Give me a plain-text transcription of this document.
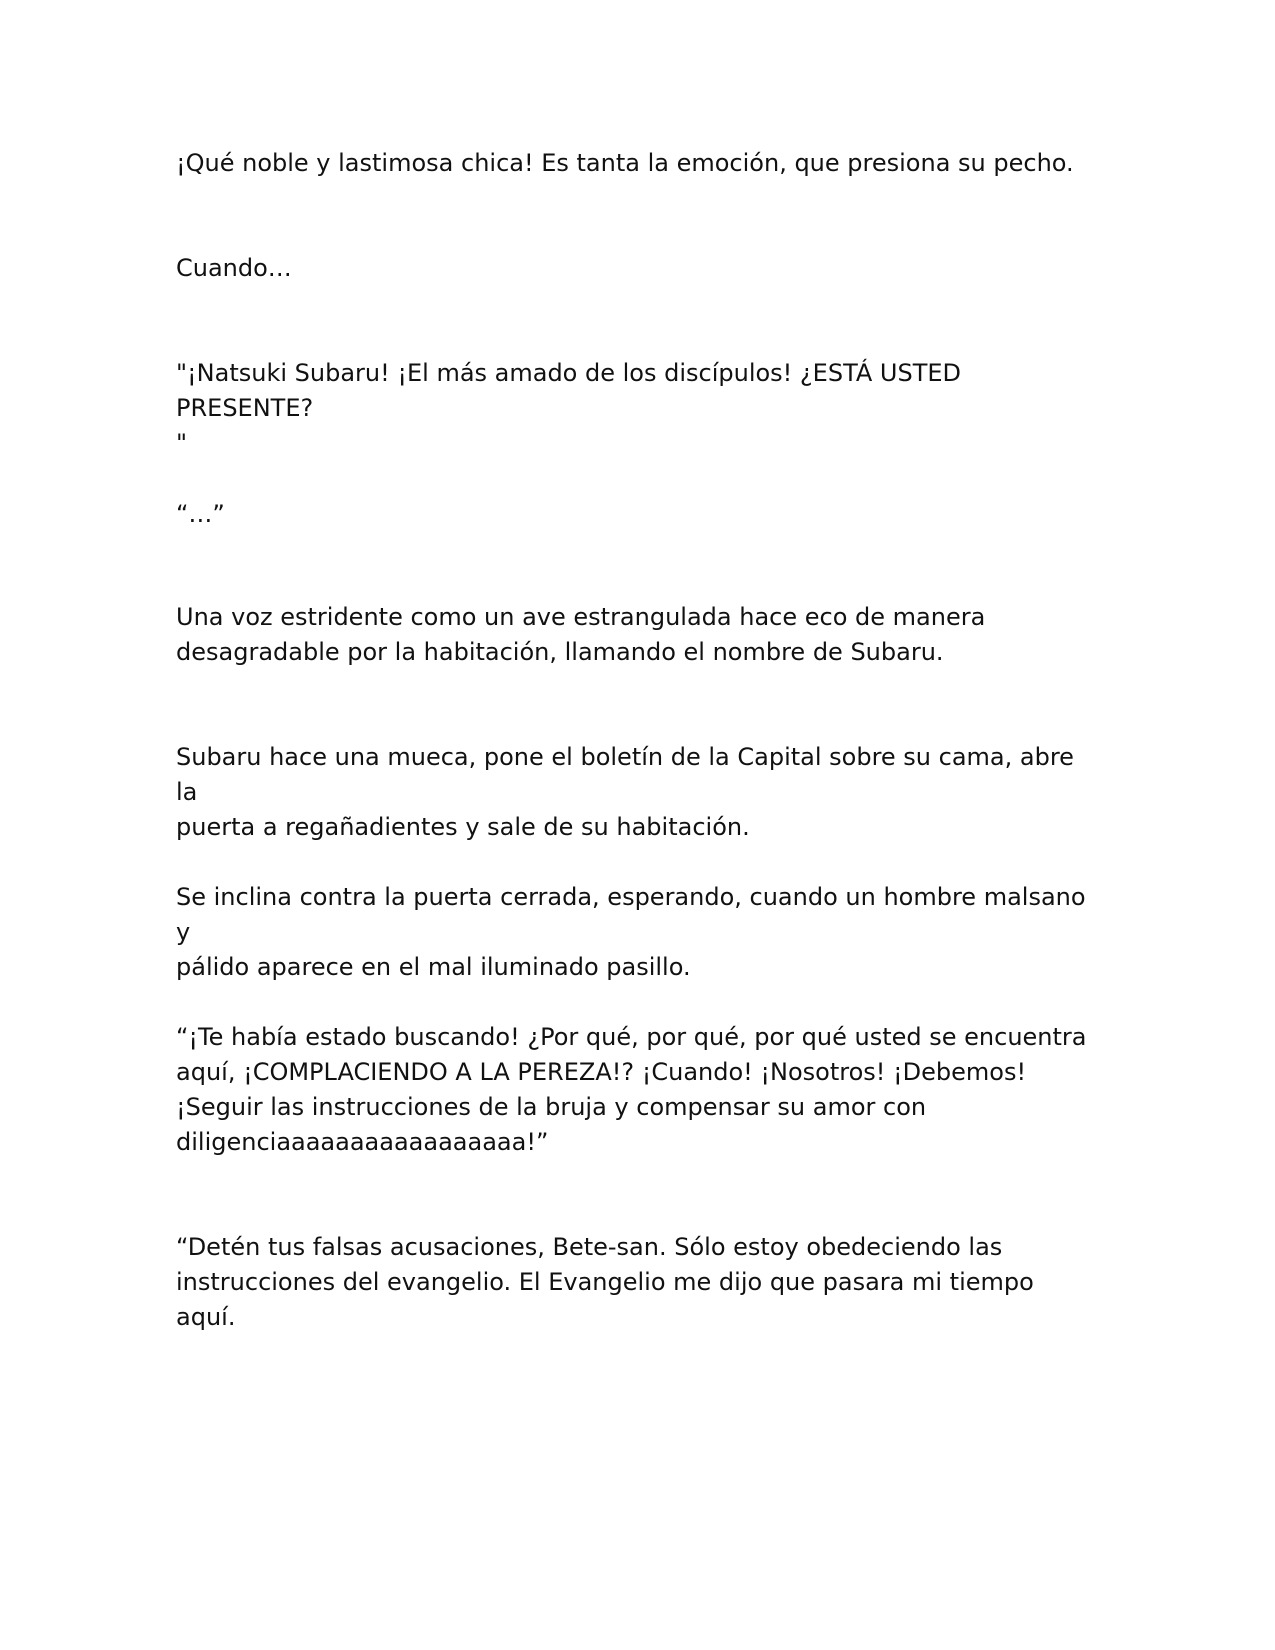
¡Qué noble y lastimosa chica! Es tanta la emoción, que presiona su pecho.

Cuando…

"¡Natsuki Subaru! ¡El más amado de los discípulos! ¿ESTÁ USTED PRESENTE?
"

“…”

Una voz estridente como un ave estrangulada hace eco de manera
desagradable por la habitación, llamando el nombre de Subaru.

Subaru hace una mueca, pone el boletín de la Capital sobre su cama, abre la
puerta a regañadientes y sale de su habitación.

Se inclina contra la puerta cerrada, esperando, cuando un hombre malsano y
pálido aparece en el mal iluminado pasillo.

“¡Te había estado buscando! ¿Por qué, por qué, por qué usted se encuentra
aquí, ¡COMPLACIENDO A LA PEREZA!? ¡Cuando! ¡Nosotros! ¡Debemos!
¡Seguir las instrucciones de la bruja y compensar su amor con
diligenciaaaaaaaaaaaaaaaaa!”

“Detén tus falsas acusaciones, Bete-san. Sólo estoy obedeciendo las
instrucciones del evangelio. El Evangelio me dijo que pasara mi tiempo aquí.
